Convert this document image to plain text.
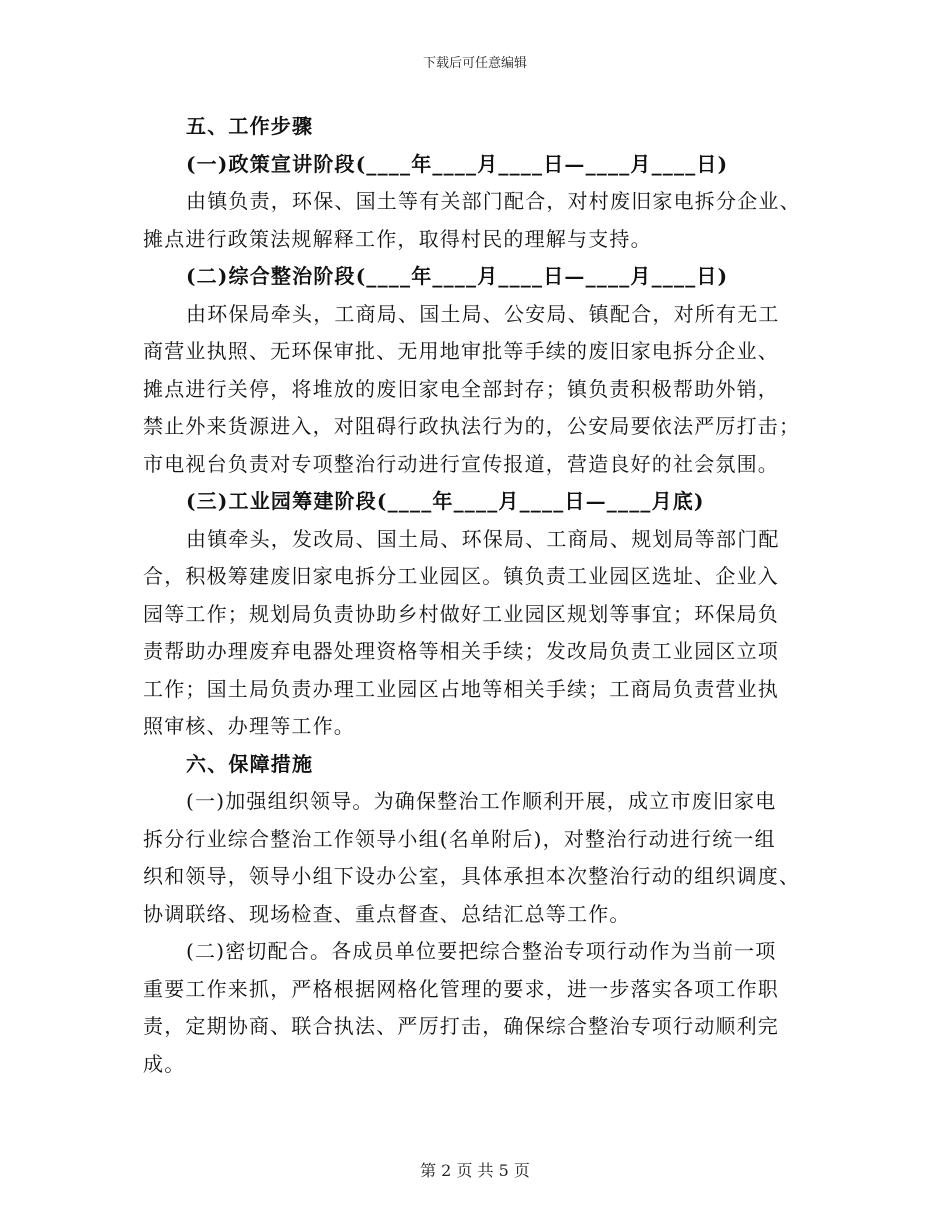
下载后可任意编辑
五、工作步骤
(一)政策宣讲阶段(____年____月____日—____月____日)
由镇负责，环保、国土等有关部门配合，对村废旧家电拆分企业、
摊点进行政策法规解释工作，取得村民的理解与支持。
(二)综合整治阶段(____年____月____日—____月____日)
由环保局牵头，工商局、国土局、公安局、镇配合，对所有无工
商营业执照、无环保审批、无用地审批等手续的废旧家电拆分企业、
摊点进行关停，将堆放的废旧家电全部封存；镇负责积极帮助外销，
禁止外来货源进入，对阻碍行政执法行为的，公安局要依法严厉打击；
市电视台负责对专项整治行动进行宣传报道，营造良好的社会氛围。
(三)工业园筹建阶段(____年____月____日—____月底)
由镇牵头，发改局、国土局、环保局、工商局、规划局等部门配
合，积极筹建废旧家电拆分工业园区。镇负责工业园区选址、企业入
园等工作；规划局负责协助乡村做好工业园区规划等事宜；环保局负
责帮助办理废弃电器处理资格等相关手续；发改局负责工业园区立项
工作；国土局负责办理工业园区占地等相关手续；工商局负责营业执
照审核、办理等工作。
六、保障措施
(一)加强组织领导。为确保整治工作顺利开展，成立市废旧家电
拆分行业综合整治工作领导小组(名单附后)，对整治行动进行统一组
织和领导，领导小组下设办公室，具体承担本次整治行动的组织调度、
协调联络、现场检查、重点督查、总结汇总等工作。
(二)密切配合。各成员单位要把综合整治专项行动作为当前一项
重要工作来抓，严格根据网格化管理的要求，进一步落实各项工作职
责，定期协商、联合执法、严厉打击，确保综合整治专项行动顺利完
成。
第 2 页 共 5 页
